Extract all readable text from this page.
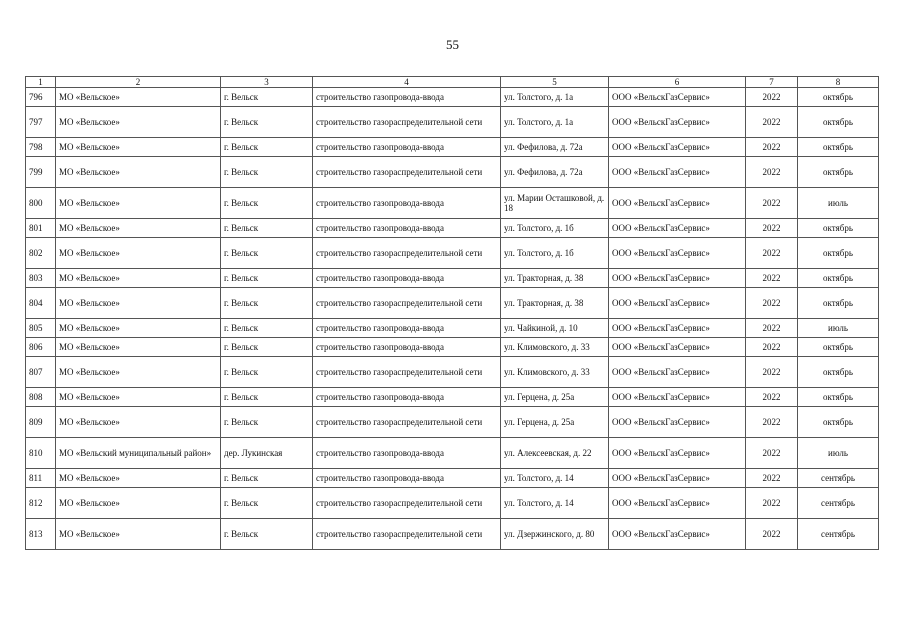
55
1	2	3	4	5	6	7	8
796	МО «Вельское»	г. Вельск	строительство газопровода-ввода	ул. Толстого, д. 1а	ООО «ВельскГазСервис»	2022	октябрь
797	МО «Вельское»	г. Вельск	строительство газораспределительной сети	ул. Толстого, д. 1а	ООО «ВельскГазСервис»	2022	октябрь
798	МО «Вельское»	г. Вельск	строительство газопровода-ввода	ул. Фефилова, д. 72а	ООО «ВельскГазСервис»	2022	октябрь
799	МО «Вельское»	г. Вельск	строительство газораспределительной сети	ул. Фефилова, д. 72а	ООО «ВельскГазСервис»	2022	октябрь
800	МО «Вельское»	г. Вельск	строительство газопровода-ввода	ул. Марии Осташковой, д. 18	ООО «ВельскГазСервис»	2022	июль
801	МО «Вельское»	г. Вельск	строительство газопровода-ввода	ул. Толстого, д. 1б	ООО «ВельскГазСервис»	2022	октябрь
802	МО «Вельское»	г. Вельск	строительство газораспределительной сети	ул. Толстого, д. 1б	ООО «ВельскГазСервис»	2022	октябрь
803	МО «Вельское»	г. Вельск	строительство газопровода-ввода	ул. Тракторная, д. 38	ООО «ВельскГазСервис»	2022	октябрь
804	МО «Вельское»	г. Вельск	строительство газораспределительной сети	ул. Тракторная, д. 38	ООО «ВельскГазСервис»	2022	октябрь
805	МО «Вельское»	г. Вельск	строительство газопровода-ввода	ул. Чайкиной, д. 10	ООО «ВельскГазСервис»	2022	июль
806	МО «Вельское»	г. Вельск	строительство газопровода-ввода	ул. Климовского, д. 33	ООО «ВельскГазСервис»	2022	октябрь
807	МО «Вельское»	г. Вельск	строительство газораспределительной сети	ул. Климовского, д. 33	ООО «ВельскГазСервис»	2022	октябрь
808	МО «Вельское»	г. Вельск	строительство газопровода-ввода	ул. Герцена, д. 25а	ООО «ВельскГазСервис»	2022	октябрь
809	МО «Вельское»	г. Вельск	строительство газораспределительной сети	ул. Герцена, д. 25а	ООО «ВельскГазСервис»	2022	октябрь
810	МО «Вельский муниципальный район»	дер. Лукинская	строительство газопровода-ввода	ул. Алексеевская, д. 22	ООО «ВельскГазСервис»	2022	июль
811	МО «Вельское»	г. Вельск	строительство газопровода-ввода	ул. Толстого, д. 14	ООО «ВельскГазСервис»	2022	сентябрь
812	МО «Вельское»	г. Вельск	строительство газораспределительной сети	ул. Толстого, д. 14	ООО «ВельскГазСервис»	2022	сентябрь
813	МО «Вельское»	г. Вельск	строительство газораспределительной сети	ул. Дзержинского, д. 80	ООО «ВельскГазСервис»	2022	сентябрь
